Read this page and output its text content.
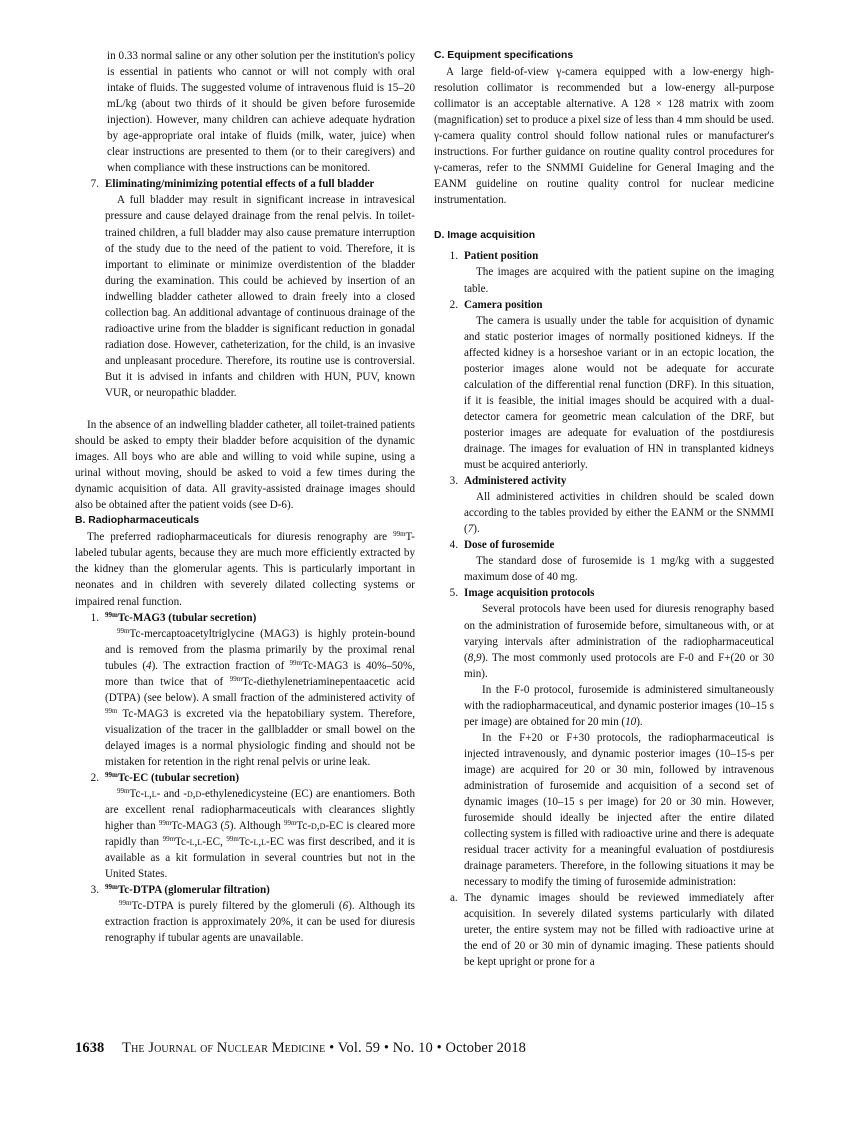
in 0.33 normal saline or any other solution per the institution's policy is essential in patients who cannot or will not comply with oral intake of fluids. The suggested volume of intravenous fluid is 15–20 mL/kg (about two thirds of it should be given before furosemide injection). However, many children can achieve adequate hydration by age-appropriate oral intake of fluids (milk, water, juice) when clear instructions are presented to them (or to their caregivers) and when compliance with these instructions can be monitored.

7. Eliminating/minimizing potential effects of a full bladder

A full bladder may result in significant increase in intravesical pressure and cause delayed drainage from the renal pelvis. In toilet-trained children, a full bladder may also cause premature interruption of the study due to the need of the patient to void. Therefore, it is important to eliminate or minimize overdistention of the bladder during the examination. This could be achieved by insertion of an indwelling bladder catheter allowed to drain freely into a closed collection bag. An additional advantage of continuous drainage of the radioactive urine from the bladder is significant reduction in gonadal radiation dose. However, catheterization, for the child, is an invasive and unpleasant procedure. Therefore, its routine use is controversial. But it is advised in infants and children with HUN, PUV, known VUR, or neuropathic bladder.

In the absence of an indwelling bladder catheter, all toilet-trained patients should be asked to empty their bladder before acquisition of the dynamic images. All boys who are able and willing to void while supine, using a urinal without moving, should be asked to void a few times during the dynamic acquisition of data. All gravity-assisted drainage images should also be obtained after the patient voids (see D-6).

B. Radiopharmaceuticals

The preferred radiopharmaceuticals for diuresis renography are $^{99m}$T-labeled tubular agents, because they are much more efficiently extracted by the kidney than the glomerular agents. This is particularly important in neonates and in children with severely dilated collecting systems or impaired renal function.

1. $^{99m}$Tc-MAG3 (tubular secretion)

$^{99m}$Tc-mercaptoacetyltriglycine (MAG3) is highly protein-bound and is removed from the plasma primarily by the proximal renal tubules (4). The extraction fraction of $^{99m}$Tc-MAG3 is 40%–50%, more than twice that of $^{99m}$Tc-diethylenetriaminepentaacetic acid (DTPA) (see below). A small fraction of the administered activity of $^{99m}$ Tc-MAG3 is excreted via the hepatobiliary system. Therefore, visualization of the tracer in the gallbladder or small bowel on the delayed images is a normal physiologic finding and should not be mistaken for retention in the right renal pelvis or urine leak.

2. $^{99m}$Tc-EC (tubular secretion)

$^{99m}$Tc-l,l- and -d,d-ethylenedicysteine (EC) are enantiomers. Both are excellent renal radiopharmaceuticals with clearances slightly higher than $^{99m}$Tc-MAG3 (5). Although $^{99m}$Tc-d,d-EC is cleared more rapidly than $^{99m}$Tc-l,l-EC, $^{99m}$Tc-l,l-EC was first described, and it is available as a kit formulation in several countries but not in the United States.

3. $^{99m}$Tc-DTPA (glomerular filtration)

$^{99m}$Tc-DTPA is purely filtered by the glomeruli (6). Although its extraction fraction is approximately 20%, it can be used for diuresis renography if tubular agents are unavailable.

C. Equipment specifications

A large field-of-view γ-camera equipped with a low-energy high-resolution collimator is recommended but a low-energy all-purpose collimator is an acceptable alternative. A 128 × 128 matrix with zoom (magnification) set to produce a pixel size of less than 4 mm should be used. γ-camera quality control should follow national rules or manufacturer's instructions. For further guidance on routine quality control procedures for γ-cameras, refer to the SNMMI Guideline for General Imaging and the EANM guideline on routine quality control for nuclear medicine instrumentation.

D. Image acquisition
1. Patient position

The images are acquired with the patient supine on the imaging table.

2. Camera position

The camera is usually under the table for acquisition of dynamic and static posterior images of normally positioned kidneys. If the affected kidney is a horseshoe variant or in an ectopic location, the posterior images alone would not be adequate for accurate calculation of the differential renal function (DRF). In this situation, if it is feasible, the initial images should be acquired with a dual-detector camera for geometric mean calculation of the DRF, but posterior images are adequate for evaluation of the postdiuresis drainage. The images for evaluation of HN in transplanted kidneys must be acquired anteriorly.

3. Administered activity

All administered activities in children should be scaled down according to the tables provided by either the EANM or the SNMMI (7).

4. Dose of furosemide

The standard dose of furosemide is 1 mg/kg with a suggested maximum dose of 40 mg.

5. Image acquisition protocols

Several protocols have been used for diuresis renography based on the administration of furosemide before, simultaneous with, or at varying intervals after administration of the radiopharmaceutical (8,9). The most commonly used protocols are F-0 and F+(20 or 30 min).

In the F-0 protocol, furosemide is administered simultaneously with the radiopharmaceutical, and dynamic posterior images (10–15 s per image) are obtained for 20 min (10).

In the F+20 or F+30 protocols, the radiopharmaceutical is injected intravenously, and dynamic posterior images (10–15-s per image) are acquired for 20 or 30 min, followed by intravenous administration of furosemide and acquisition of a second set of dynamic images (10–15 s per image) for 20 or 30 min. However, furosemide should ideally be injected after the entire dilated collecting system is filled with radioactive urine and there is adequate residual tracer activity for a meaningful evaluation of postdiuresis drainage parameters. Therefore, in the following situations it may be necessary to modify the timing of furosemide administration:

a. The dynamic images should be reviewed immediately after acquisition. In severely dilated systems particularly with dilated ureter, the entire system may not be filled with radioactive urine at the end of 20 or 30 min of dynamic imaging. These patients should be kept upright or prone for a

1638 The Journal of Nuclear Medicine • Vol. 59 • No. 10 • October 2018
